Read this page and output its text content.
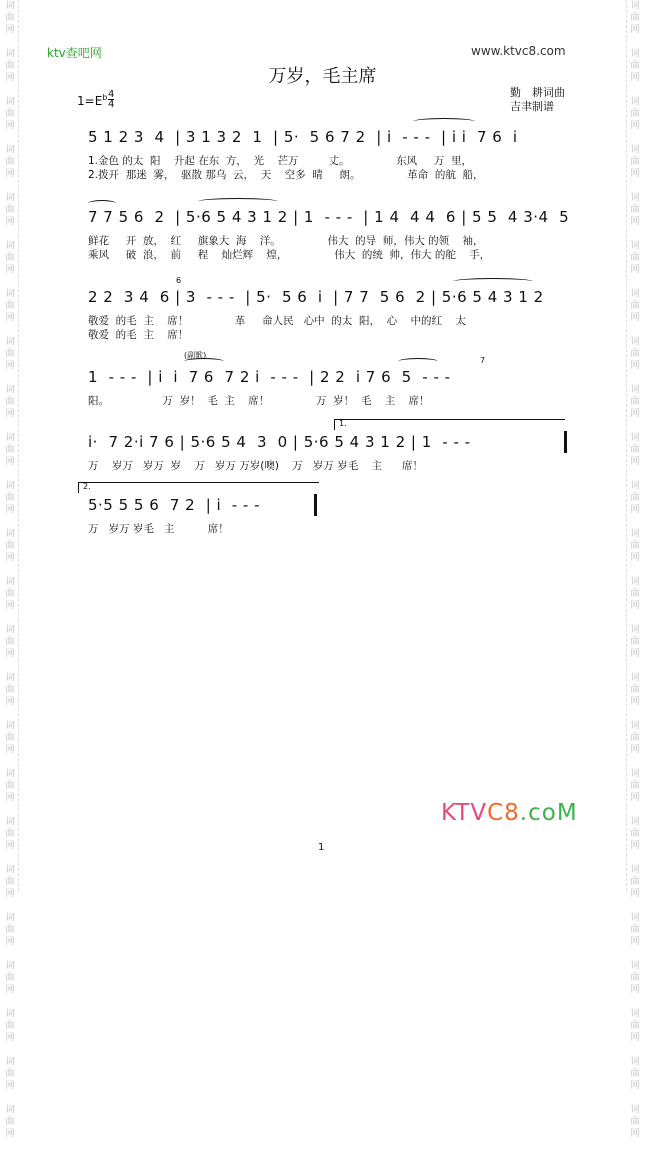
词
曲
网

词
曲
网

词
曲
网

词
曲
网

词
曲
网

词
曲
网

词
曲
网

词
曲
网

词
曲
网

词
曲
网

词
曲
网

词
曲
网

词
曲
网

词
曲
网

词
曲
网

词
曲
网

词
曲
网

词
曲
网

词
曲
网

词
曲
网

词
曲
网

词
曲
网

词
曲
网

词
曲
网

词
曲
网

词
曲
网

词
曲
网

词
曲
网

词
曲
网

词
曲
网

词
曲
网

词
曲
网

词
曲
网

词
曲
网

词
曲
网

词
曲
网

词
曲
网

词
曲
网

词
曲
网

词
曲
网

词
曲
网

词
曲
网

词
曲
网

词
曲
网

词
曲
网

词
曲
网

词
曲
网

词
曲
网

ktv查吧网	www.ktvc8.com
万岁，毛主席
勤　耕词曲
吉聿制谱
$1=E^b$ 4
4
5 1 2 3  4  | 3 1 3 2  1  | 5·  5 6 7 2  | i  - - -  | i i  7 6  i
1.金色 的太  阳    升起 在东  方，  光    芒万         丈。              东风     万  里，
2.拨开  那迷  雾，  驱散 那乌  云，  天    空多  晴     朗。              革命  的航  船，
7 7 5 6  2  | 5·6 5 4 3 1 2 | 1  - - -  | 1 4  4 4  6 | 5 5  4 3·4  5
鲜花     开  放，  红     旗象大  海    洋。              伟大  的导  师，伟大 的领    袖，
乘风     破  浪，  前     程    灿烂辉    煌，              伟大  的统  帅，伟大 的舵    手，
6
2 2  3 4  6 | 3  - - -  | 5·  5 6  i  | 7 7  5 6  2 | 5·6 5 4 3 1 2
敬爱  的毛  主    席！              革     命人民   心中  的太  阳，  心    中的红    太
敬爱  的毛  主    席！
(副歌)
7
1  - - -  | i  i  7 6  7 2 i  - - -  | 2 2  i 7 6  5  - - -
阳。                万  岁！  毛  主    席！              万  岁！  毛    主    席！
1.
i·  7 2·i 7 6 | 5·6 5 4  3  0 | 5·6 5 4 3 1 2 | 1  - - -
万    岁万   岁万  岁    万   岁万 万岁(噢)    万   岁万 岁毛    主      席！
2.
5·5 5 5 6  7 2  | i  - - -
万   岁万 岁毛   主          席！
1
KTVC8.coM
